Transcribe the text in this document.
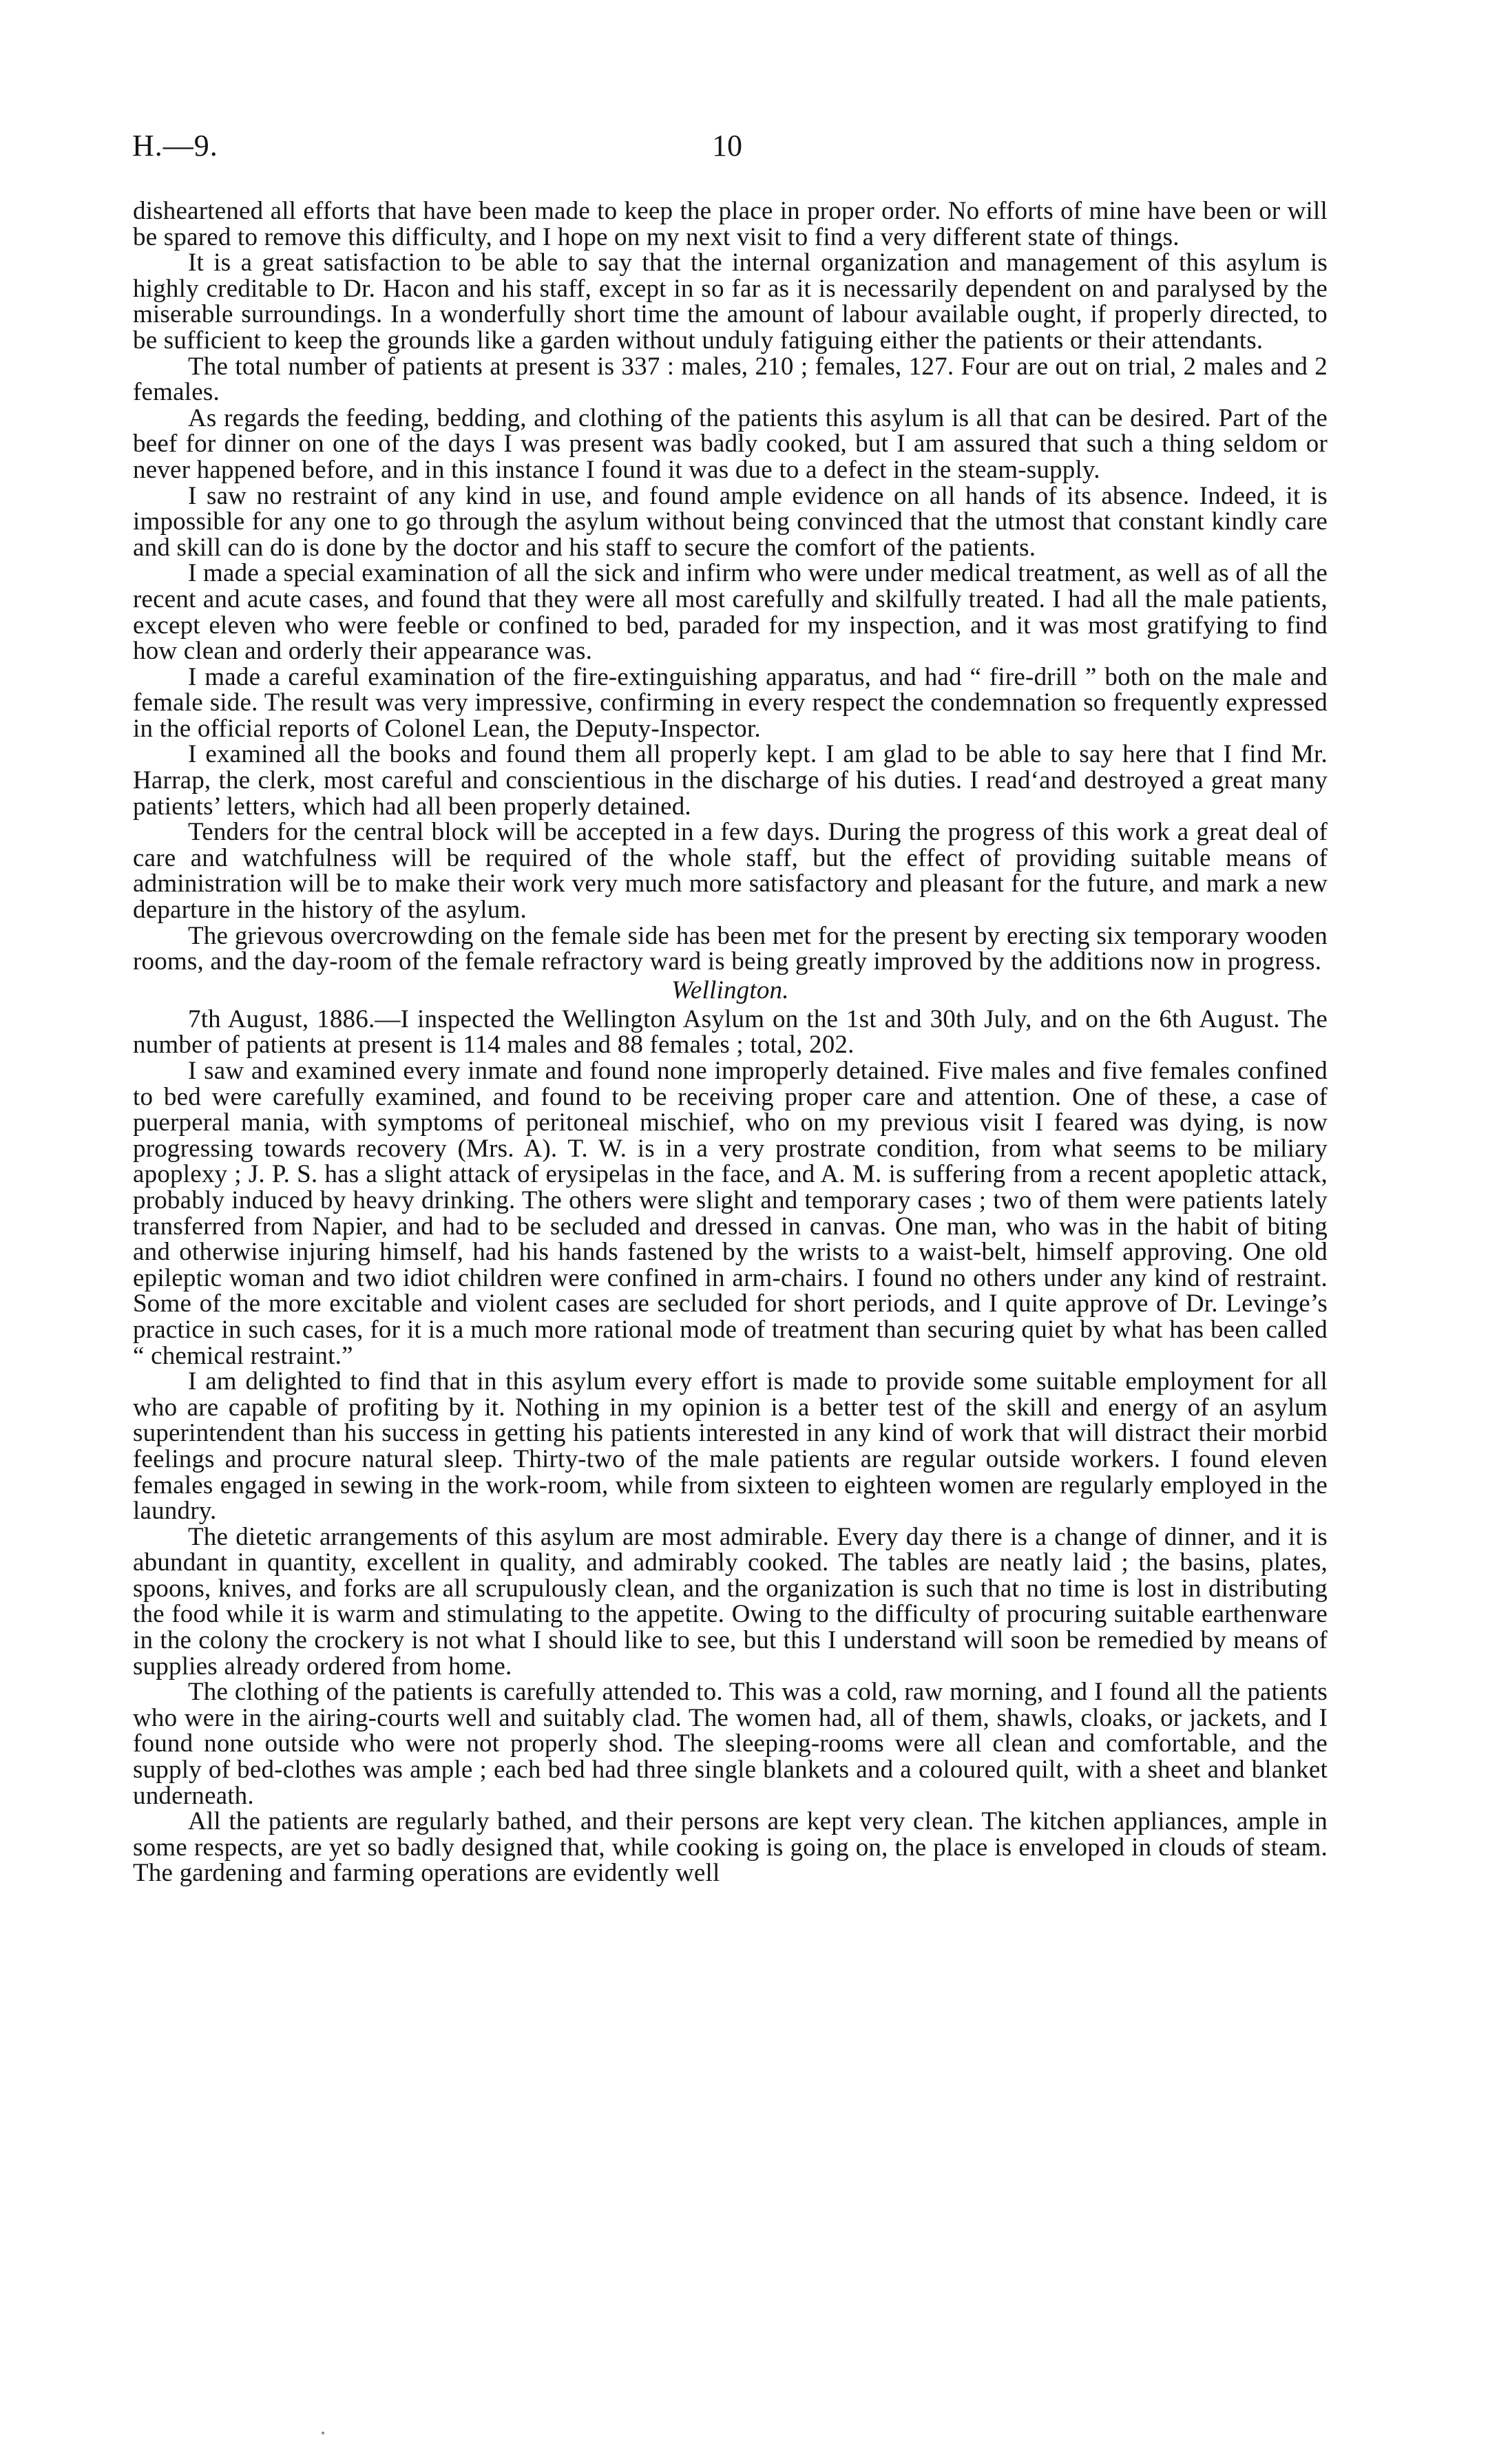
H.—9.	10

disheartened all efforts that have been made to keep the place in proper order. No efforts of mine have been or will be spared to remove this difficulty, and I hope on my next visit to find a very different state of things.

It is a great satisfaction to be able to say that the internal organization and management of this asylum is highly creditable to Dr. Hacon and his staff, except in so far as it is necessarily dependent on and paralysed by the miserable surroundings. In a wonderfully short time the amount of labour available ought, if properly directed, to be sufficient to keep the grounds like a garden without unduly fatiguing either the patients or their attendants.

The total number of patients at present is 337 : males, 210 ; females, 127. Four are out on trial, 2 males and 2 females.

As regards the feeding, bedding, and clothing of the patients this asylum is all that can be desired. Part of the beef for dinner on one of the days I was present was badly cooked, but I am assured that such a thing seldom or never happened before, and in this instance I found it was due to a defect in the steam-supply.

I saw no restraint of any kind in use, and found ample evidence on all hands of its absence. Indeed, it is impossible for any one to go through the asylum without being convinced that the utmost that constant kindly care and skill can do is done by the doctor and his staff to secure the comfort of the patients.

I made a special examination of all the sick and infirm who were under medical treatment, as well as of all the recent and acute cases, and found that they were all most carefully and skilfully treated. I had all the male patients, except eleven who were feeble or confined to bed, paraded for my inspection, and it was most gratifying to find how clean and orderly their appearance was.

I made a careful examination of the fire-extinguishing apparatus, and had “ fire-drill ” both on the male and female side. The result was very impressive, confirming in every respect the condemnation so frequently expressed in the official reports of Colonel Lean, the Deputy-Inspector.

I examined all the books and found them all properly kept. I am glad to be able to say here that I find Mr. Harrap, the clerk, most careful and conscientious in the discharge of his duties. I read‘and destroyed a great many patients’ letters, which had all been properly detained.

Tenders for the central block will be accepted in a few days. During the progress of this work a great deal of care and watchfulness will be required of the whole staff, but the effect of providing suitable means of administration will be to make their work very much more satisfactory and pleasant for the future, and mark a new departure in the history of the asylum.

The grievous overcrowding on the female side has been met for the present by erecting six temporary wooden rooms, and the day-room of the female refractory ward is being greatly improved by the additions now in progress.

Wellington.

7th August, 1886.—I inspected the Wellington Asylum on the 1st and 30th July, and on the 6th August. The number of patients at present is 114 males and 88 females ; total, 202.

I saw and examined every inmate and found none improperly detained. Five males and five females confined to bed were carefully examined, and found to be receiving proper care and attention. One of these, a case of puerperal mania, with symptoms of peritoneal mischief, who on my previous visit I feared was dying, is now progressing towards recovery (Mrs. A). T. W. is in a very prostrate condition, from what seems to be miliary apoplexy ; J. P. S. has a slight attack of erysipelas in the face, and A. M. is suffering from a recent apopletic attack, probably induced by heavy drinking. The others were slight and temporary cases ; two of them were patients lately transferred from Napier, and had to be secluded and dressed in canvas. One man, who was in the habit of biting and otherwise injuring himself, had his hands fastened by the wrists to a waist-belt, himself approving. One old epileptic woman and two idiot children were confined in arm-chairs. I found no others under any kind of restraint. Some of the more excitable and violent cases are secluded for short periods, and I quite approve of Dr. Levinge’s practice in such cases, for it is a much more rational mode of treatment than securing quiet by what has been called “ chemical restraint.”

I am delighted to find that in this asylum every effort is made to provide some suitable employment for all who are capable of profiting by it. Nothing in my opinion is a better test of the skill and energy of an asylum superintendent than his success in getting his patients interested in any kind of work that will distract their morbid feelings and procure natural sleep. Thirty-two of the male patients are regular outside workers. I found eleven females engaged in sewing in the work-room, while from sixteen to eighteen women are regularly employed in the laundry.

The dietetic arrangements of this asylum are most admirable. Every day there is a change of dinner, and it is abundant in quantity, excellent in quality, and admirably cooked. The tables are neatly laid ; the basins, plates, spoons, knives, and forks are all scrupulously clean, and the organization is such that no time is lost in distributing the food while it is warm and stimulating to the appetite. Owing to the difficulty of procuring suitable earthenware in the colony the crockery is not what I should like to see, but this I understand will soon be remedied by means of supplies already ordered from home.

The clothing of the patients is carefully attended to. This was a cold, raw morning, and I found all the patients who were in the airing-courts well and suitably clad. The women had, all of them, shawls, cloaks, or jackets, and I found none outside who were not properly shod. The sleeping-rooms were all clean and comfortable, and the supply of bed-clothes was ample ; each bed had three single blankets and a coloured quilt, with a sheet and blanket underneath.

All the patients are regularly bathed, and their persons are kept very clean. The kitchen appliances, ample in some respects, are yet so badly designed that, while cooking is going on, the place is enveloped in clouds of steam. The gardening and farming operations are evidently well
